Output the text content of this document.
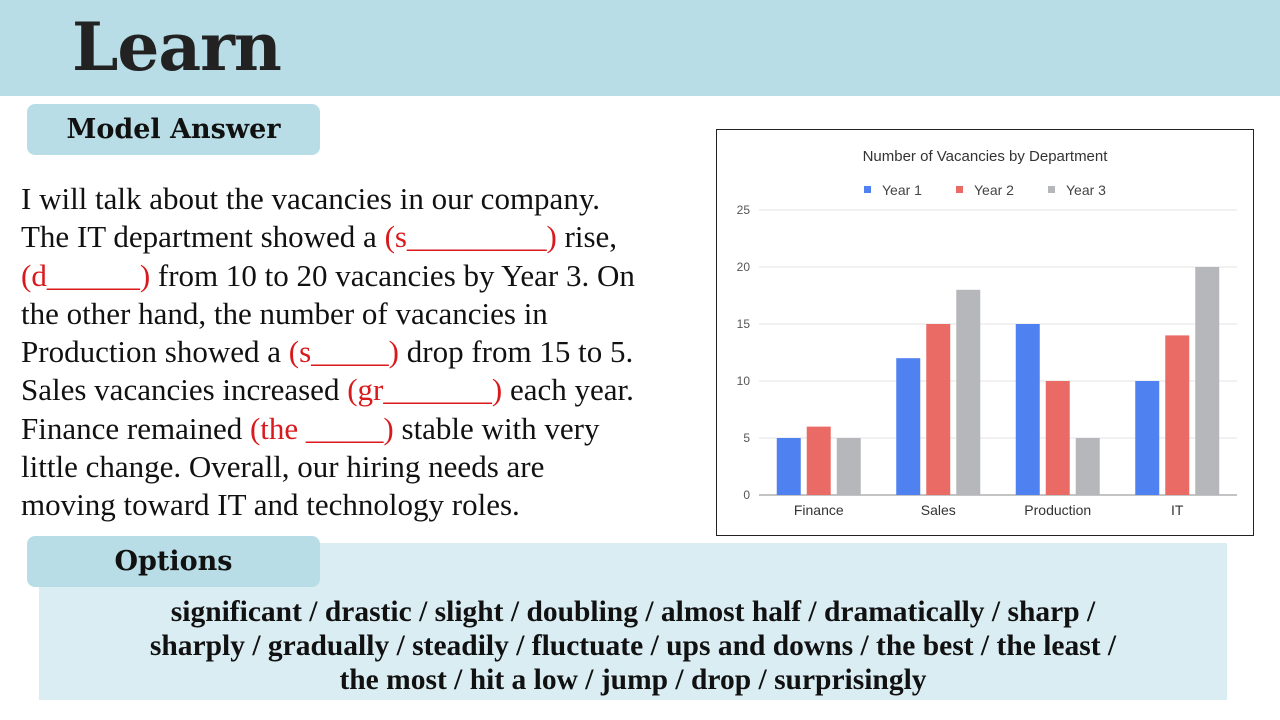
Learn
Model Answer
I will talk about the vacancies in our company.
The IT department showed a (s_________) rise,
(d______) from 10 to 20 vacancies by Year 3. On
the other hand, the number of vacancies in
Production showed a (s_____) drop from 15 to 5.
Sales vacancies increased (gr_______) each year.
Finance remained (the _____) stable with very
little change. Overall, our hiring needs are
moving toward IT and technology roles.
Number of Vacancies by Department
Year 1	Year 2	Year 3
0
5
10
15
20
25
Finance	Sales	Production	IT
Options
significant / drastic / slight / doubling / almost half / dramatically / sharp /
sharply / gradually / steadily / fluctuate / ups and downs / the best / the least /
the most / hit a low / jump / drop / surprisingly
